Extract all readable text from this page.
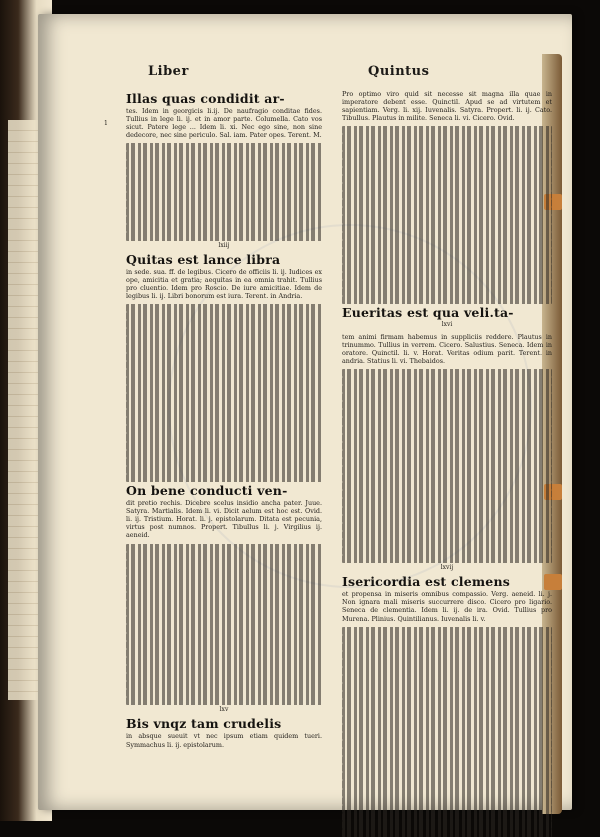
Liber	Quintus
1
Illas quas condidit ar-
tes. Idem in georgicis li.ij. De naufragio conditae fides. Tullius in lege li. ij. et in amor parte. Columella. Cato vos sicut. Patere lege ... Idem li. xi. Nec ego sine, non sine dedecore, nec sine periculo. Sal. iam. Pater opes. Terent. M.
lxiij
Quitas est lance libra
in sede. sua. ff. de legibus. Cicero de officiis li. ij. Iudices ex ope, amicitia et gratia; aequitas in ea omnia trahit. Tullius pro cluentio. Idem pro Roscio. De iure amicitiae. Idem de legibus li. ij. Libri bonorum est iura. Terent. in Andria.
On bene conducti ven-
dit pretio rechis. Dicebre scelus insidio ancha pater. Juue. Satyra. Martialis. Idem li. vi. Dicit aelum est hoc est. Ovid. li. ij. Tristium. Horat. li. j. epistolarum. Ditata est pecunia, virtus post numnos. Propert. Tibullus li. j. Virgilius ij. aeneid.
lxv
Bis vnqz tam crudelis
in absque sueuit vt nec ipsum etiam quidem tueri. Symmachus li. ij. epistolarum.
Pro optimo viro quid sit necesse sit magna illa quae in imperatore debent esse. Quinctil. Apud se ad virtutem et sapientiam. Verg. li. xij. Iuvenalis. Satyra. Propert. li. ij. Cato. Tibullus. Plautus in milite. Seneca li. vi. Cicero. Ovid.
Eueritas est qua veli.ta-
lxvi
tem animi firmam habemus in suppliciis reddere. Plautus in trinummo. Tullius in verrem. Cicero. Salustius. Seneca. Idem in oratore. Quinctil. li. v. Horat. Veritas odium parit. Terent. in andria. Statius li. vi. Thebaidos.
lxvij
Isericordia est clemens
et propensa in miseris omnibus compassio. Verg. aeneid. li. j. Non ignara mali miseris succurrere disco. Cicero pro ligario. Seneca de clementia. Idem li. ij. de ira. Ovid. Tullius pro Murena. Plinius. Quintilianus. Iuvenalis li. v.
